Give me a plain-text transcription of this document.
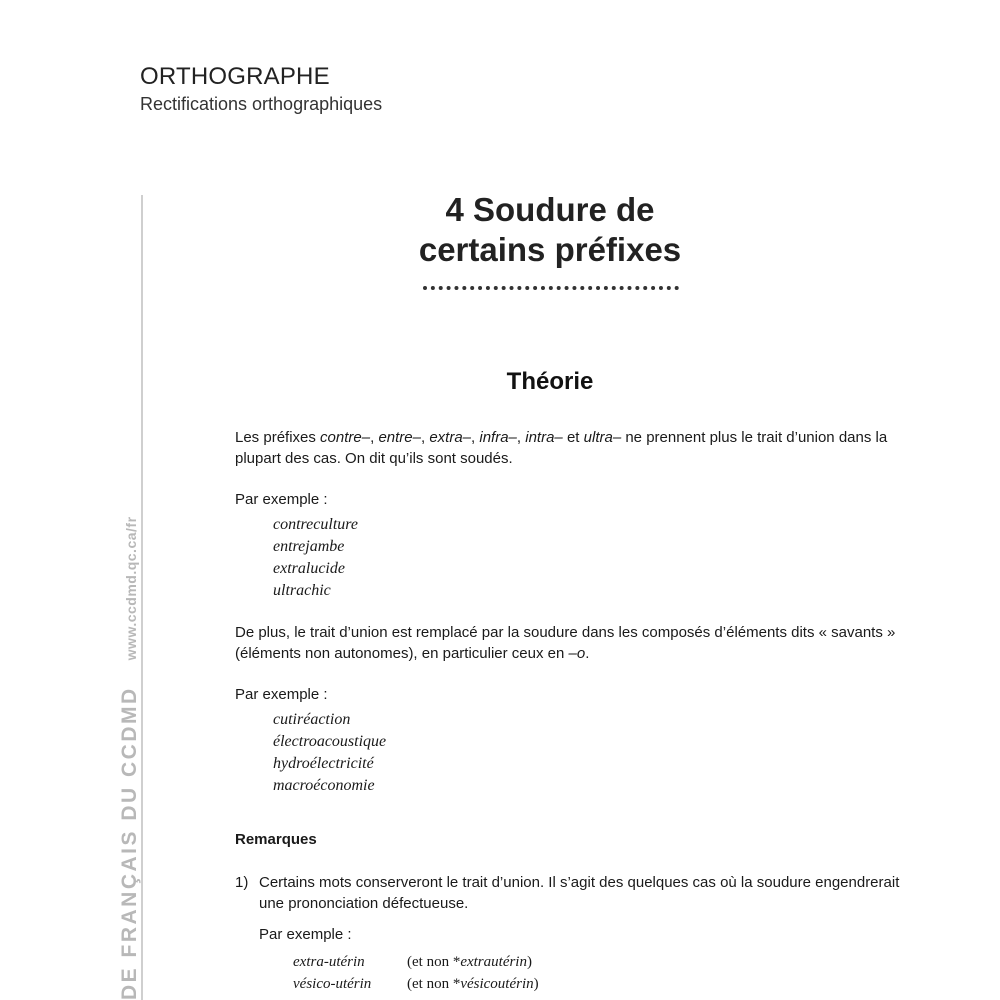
ORTHOGRAPHE
Rectifications orthographiques
DE FRANÇAIS DU CCDMDwww.ccdmd.qc.ca/fr
4 Soudure de
certains préfixes
Théorie

Les préfixes contre–, entre–, extra–, infra–, intra– et ultra– ne prennent plus le trait d’union dans la plupart des cas. On dit qu’ils sont soudés.

Par exemple :

contreculture
entrejambe
extralucide
ultrachic

De plus, le trait d’union est remplacé par la soudure dans les composés d’éléments dits « savants » (éléments non autonomes), en particulier ceux en –o.

Par exemple :

cutiréaction
électroacoustique
hydroélectricité
macroéconomie

Remarques

1) Certains mots conserveront le trait d’union. Il s’agit des quelques cas où la soudure engendrerait une prononciation défectueuse.

Par exemple :

extra-utérin	(et non *extrautérin)
vésico-utérin (et non *vésicoutérin)
